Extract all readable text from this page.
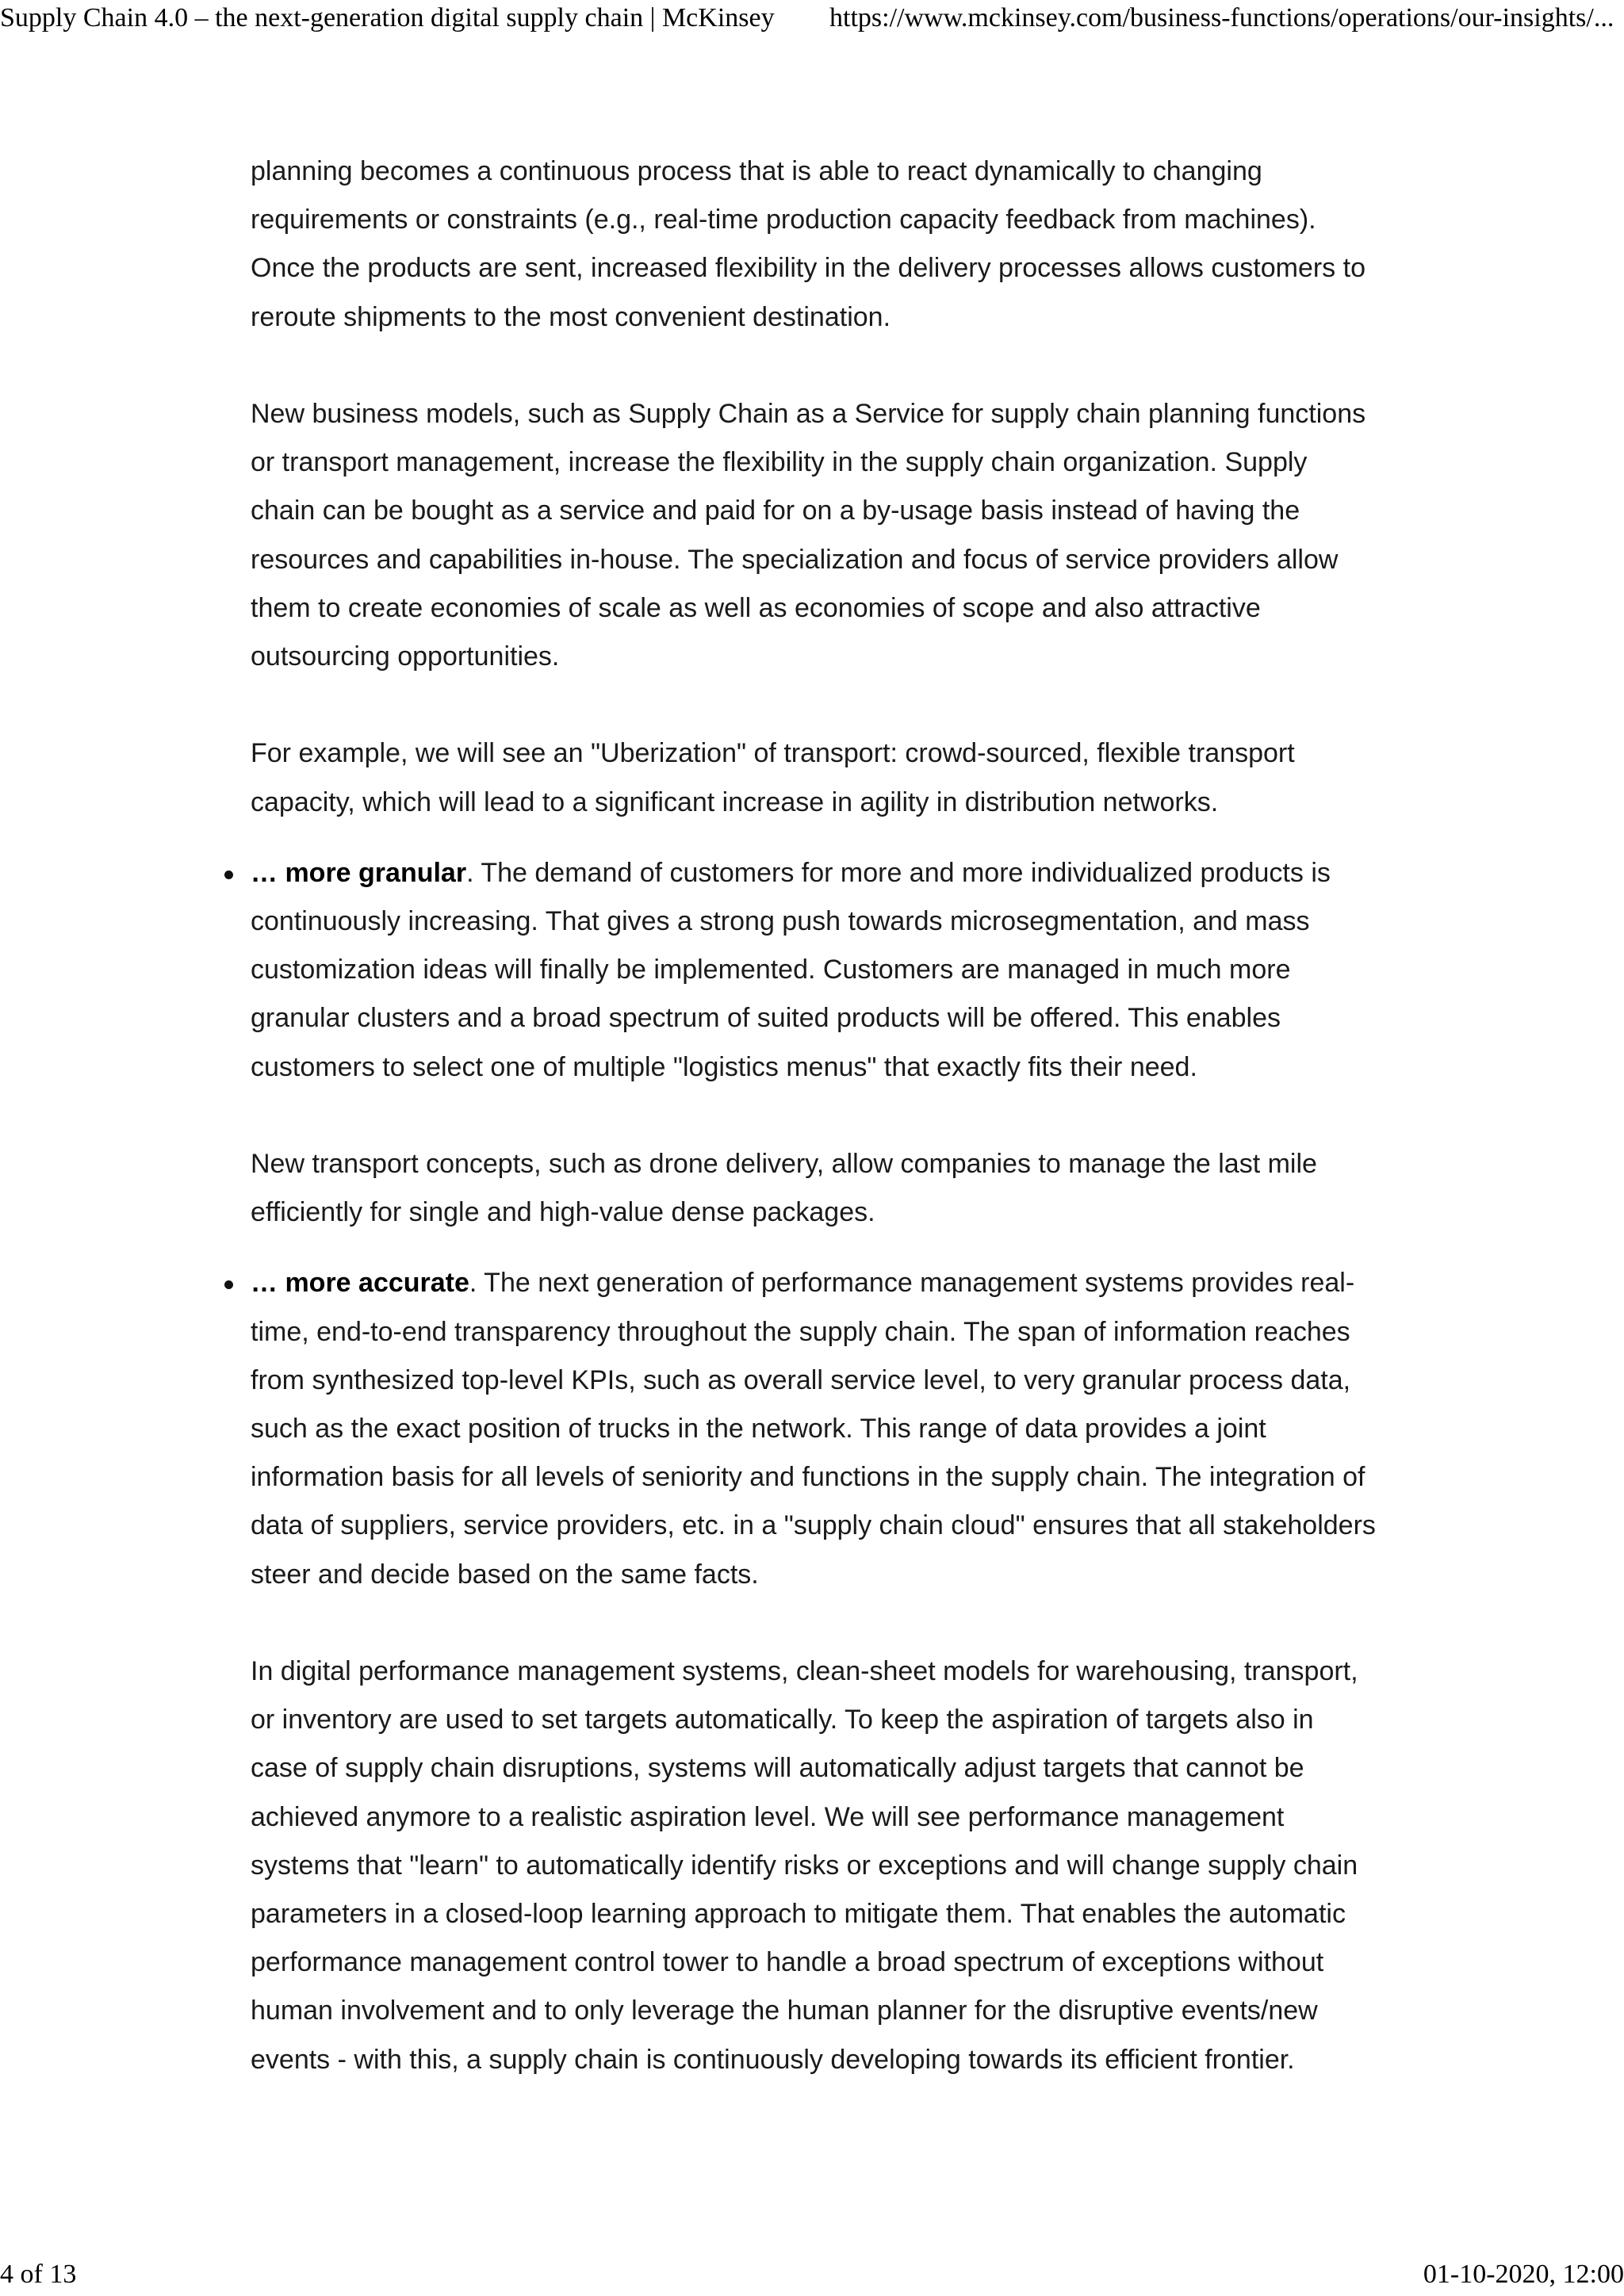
Supply Chain 4.0 – the next-generation digital supply chain | McKinsey https://www.mckinsey.com/business-functions/operations/our-insights/...

planning becomes a continuous process that is able to react dynamically to changing requirements or constraints (e.g., real-time production capacity feedback from machines). Once the products are sent, increased flexibility in the delivery processes allows customers to reroute shipments to the most convenient destination.

New business models, such as Supply Chain as a Service for supply chain planning functions or transport management, increase the flexibility in the supply chain organization. Supply chain can be bought as a service and paid for on a by-usage basis instead of having the resources and capabilities in-house. The specialization and focus of service providers allow them to create economies of scale as well as economies of scope and also attractive outsourcing opportunities.

For example, we will see an "Uberization" of transport: crowd-sourced, flexible transport capacity, which will lead to a significant increase in agility in distribution networks.

… more granular. The demand of customers for more and more individualized products is continuously increasing. That gives a strong push towards microsegmentation, and mass customization ideas will finally be implemented. Customers are managed in much more granular clusters and a broad spectrum of suited products will be offered. This enables customers to select one of multiple "logistics menus" that exactly fits their need.

New transport concepts, such as drone delivery, allow companies to manage the last mile efficiently for single and high-value dense packages.

… more accurate. The next generation of performance management systems provides real-time, end-to-end transparency throughout the supply chain. The span of information reaches from synthesized top-level KPIs, such as overall service level, to very granular process data, such as the exact position of trucks in the network. This range of data provides a joint information basis for all levels of seniority and functions in the supply chain. The integration of data of suppliers, service providers, etc. in a "supply chain cloud" ensures that all stakeholders steer and decide based on the same facts.

In digital performance management systems, clean-sheet models for warehousing, transport, or inventory are used to set targets automatically. To keep the aspiration of targets also in case of supply chain disruptions, systems will automatically adjust targets that cannot be achieved anymore to a realistic aspiration level. We will see performance management systems that "learn" to automatically identify risks or exceptions and will change supply chain parameters in a closed-loop learning approach to mitigate them. That enables the automatic performance management control tower to handle a broad spectrum of exceptions without human involvement and to only leverage the human planner for the disruptive events/new events - with this, a supply chain is continuously developing towards its efficient frontier.

4 of 13	01-10-2020, 12:00
